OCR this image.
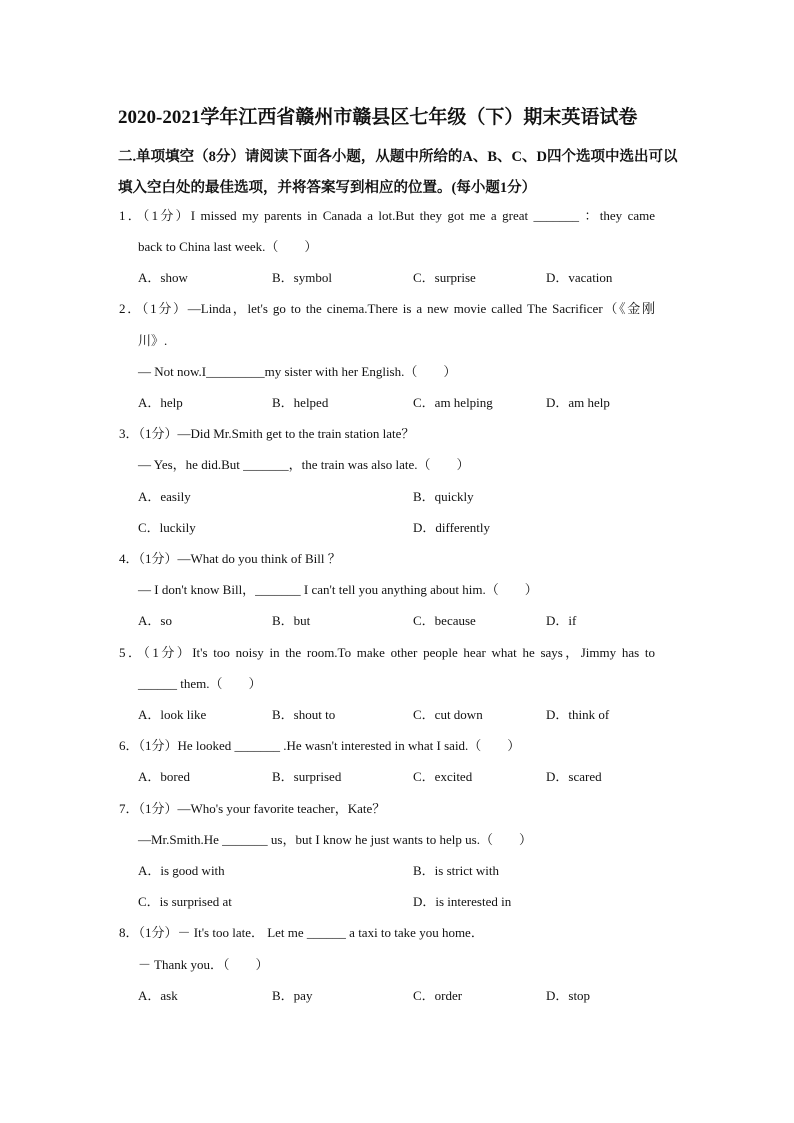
2020-2021学年江西省赣州市赣县区七年级（下）期末英语试卷
二.单项填空（8分）请阅读下面各小题，从题中所给的A、B、C、D四个选项中选出可以填入空白处的最佳选项，并将答案写到相应的位置。(每小题1分）
1．（1分）I missed my parents in Canada a lot.But they got me a great _______ ：they came
back to China last week.（　　）
A．show	B．symbol	C．surprise	D．vacation
2．（1分）—Linda，let's go to the cinema.There is a new movie called The Sacrificer（《金刚
川》.
— Not now.I_________my sister with her English.（　　）
A．help	B．helped	C．am helping	D．am help
3．（1分）—Did Mr.Smith get to the train station late？
— Yes，he did.But _______，the train was also late.（　　）
A．easily	B．quickly
C．luckily	D．differently
4．（1分）—What do you think of Bill ？
— I don't know Bill，_______ I can't tell you anything about him.（　　）
A．so	B．but	C．because	D．if
5．（1分）It's too noisy in the room.To make other people hear what he says，Jimmy has to
______ them.（　　）
A．look like	B．shout to	C．cut down	D．think of
6．（1分）He looked _______ .He wasn't interested in what I said.（　　）
A．bored	B．surprised	C．excited	D．scared
7．（1分）—Who's your favorite teacher，Kate？
—Mr.Smith.He _______ us，but I know he just wants to help us.（　　）
A．is good with	B．is strict with
C．is surprised at	D．is interested in
8．（1分）－ It's too late． Let me ______ a taxi to take you home．
－ Thank you．（　　）
A．ask	B．pay	C．order	D．stop
